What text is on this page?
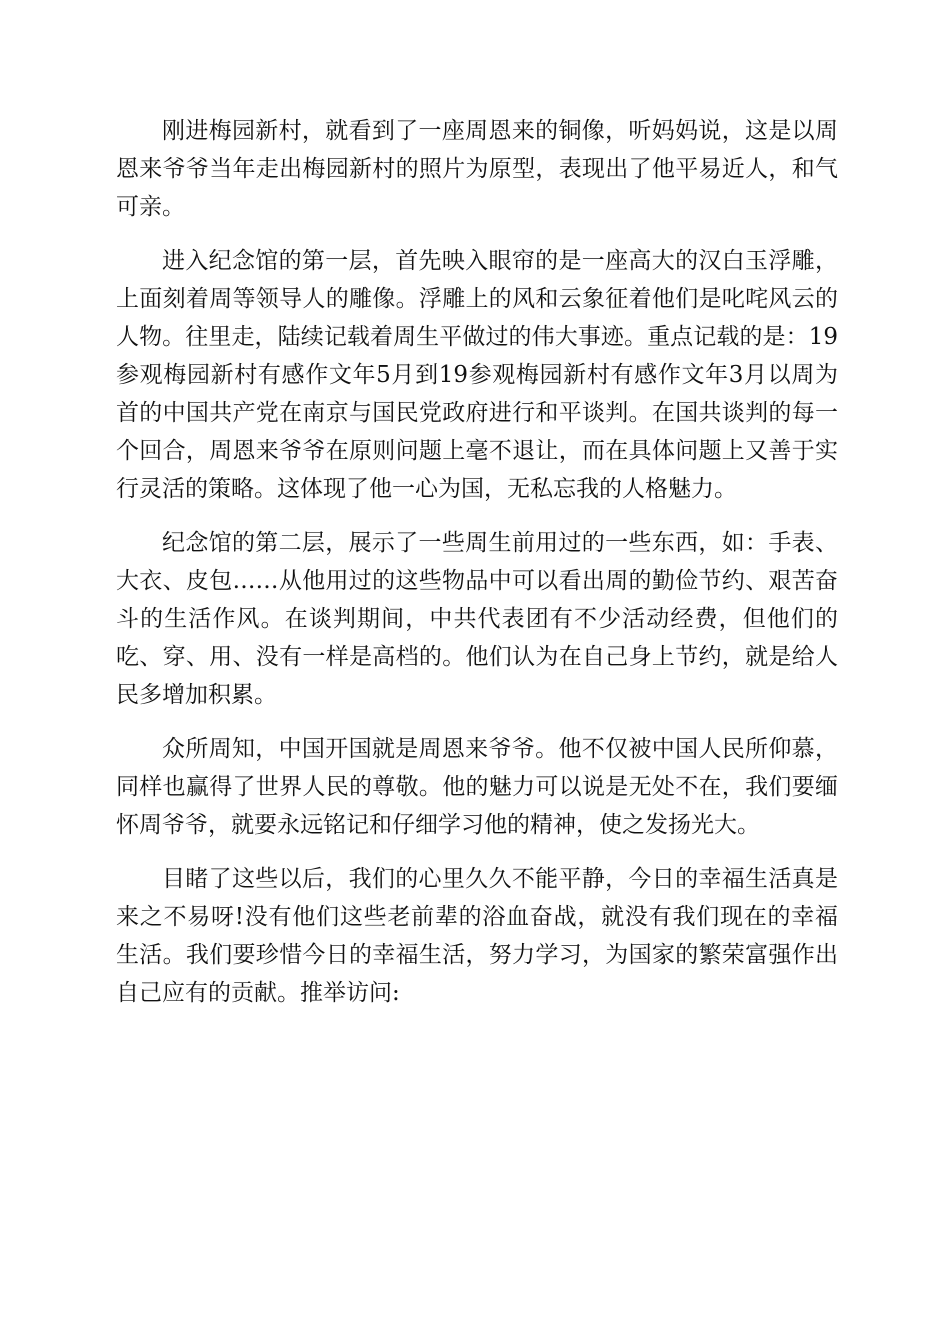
刚进梅园新村，就看到了一座周恩来的铜像，听妈妈说，这是以周恩来爷爷当年走出梅园新村的照片为原型，表现出了他平易近人，和气可亲。

进入纪念馆的第一层，首先映入眼帘的是一座高大的汉白玉浮雕，上面刻着周等领导人的雕像。浮雕上的风和云象征着他们是叱咤风云的人物。往里走，陆续记载着周生平做过的伟大事迹。重点记载的是：19参观梅园新村有感作文年5月到19参观梅园新村有感作文年3月以周为首的中国共产党在南京与国民党政府进行和平谈判。在国共谈判的每一个回合，周恩来爷爷在原则问题上毫不退让，而在具体问题上又善于实行灵活的策略。这体现了他一心为国，无私忘我的人格魅力。

纪念馆的第二层，展示了一些周生前用过的一些东西，如：手表、大衣、皮包……从他用过的这些物品中可以看出周的勤俭节约、艰苦奋斗的生活作风。在谈判期间，中共代表团有不少活动经费，但他们的吃、穿、用、没有一样是高档的。他们认为在自己身上节约，就是给人民多增加积累。

众所周知，中国开国就是周恩来爷爷。他不仅被中国人民所仰慕，同样也赢得了世界人民的尊敬。他的魅力可以说是无处不在，我们要缅怀周爷爷，就要永远铭记和仔细学习他的精神，使之发扬光大。

目睹了这些以后，我们的心里久久不能平静，今日的幸福生活真是来之不易呀!没有他们这些老前辈的浴血奋战，就没有我们现在的幸福生活。我们要珍惜今日的幸福生活，努力学习，为国家的繁荣富强作出自己应有的贡献。推举访问:
